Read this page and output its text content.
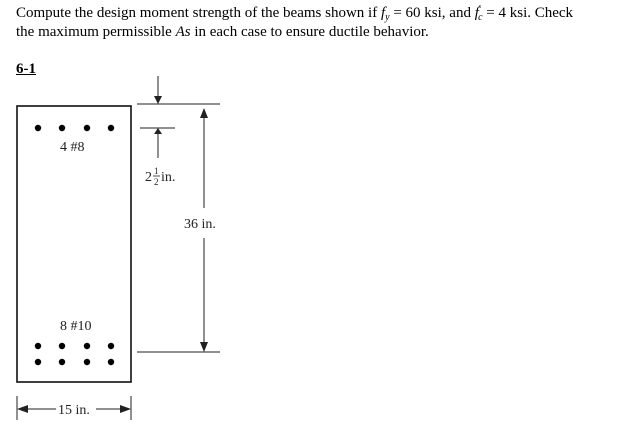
Compute the design moment strength of the beams shown if $f_y = 60$ ksi, and $f'_c = 4$ ksi. Check
the maximum permissible As in each case to ensure ductile behavior.
6-1
4 #8
8 #10
2 1
2 in.
36 in.
15 in.
